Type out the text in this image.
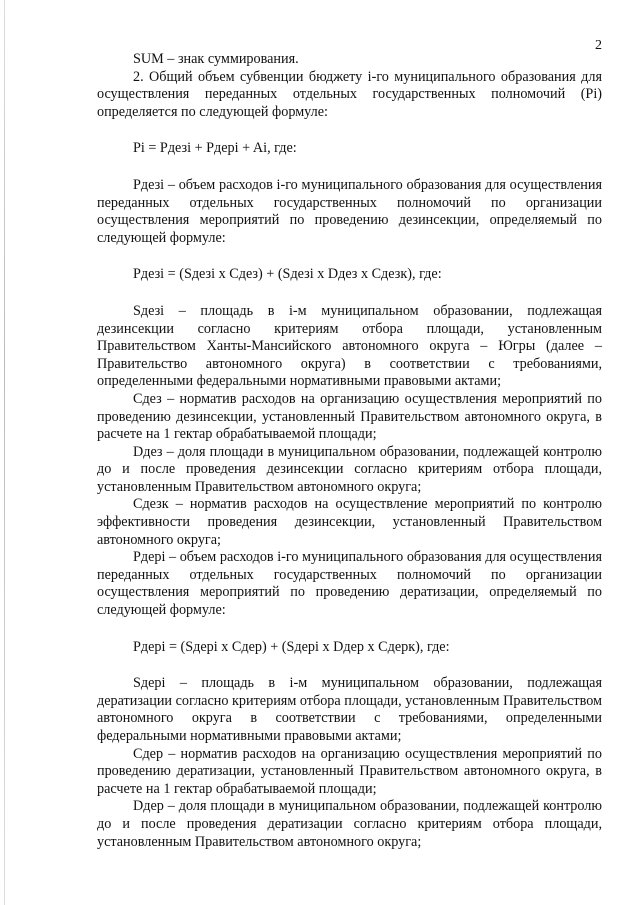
2

SUM – знак суммирования.

2. Общий объем субвенции бюджету i-го муниципального образования для осуществления переданных отдельных государственных полномочий (Pi) определяется по следующей формуле:

Pi = Pдезi + Pдерi + Ai, где:

Pдезi – объем расходов i-го муниципального образования для осуществления переданных отдельных государственных полномочий по организации осуществления мероприятий по проведению дезинсекции, определяемый по следующей формуле:

Pдезi = (Sдезi х Cдез) + (Sдезi х Dдез х Cдезк), где:

Sдезi – площадь в i-м муниципальном образовании, подлежащая дезинсекции согласно критериям отбора площади, установленным Правительством Ханты-Мансийского автономного округа – Югры (далее – Правительство автономного округа) в соответствии с требованиями, определенными федеральными нормативными правовыми актами;

Cдез – норматив расходов на организацию осуществления мероприятий по проведению дезинсекции, установленный Правительством автономного округа, в расчете на 1 гектар обрабатываемой площади;

Dдез – доля площади в муниципальном образовании, подлежащей контролю до и после проведения дезинсекции согласно критериям отбора площади, установленным Правительством автономного округа;

Cдезк – норматив расходов на осуществление мероприятий по контролю эффективности проведения дезинсекции, установленный Правительством автономного округа;

Pдерi – объем расходов i-го муниципального образования для осуществления переданных отдельных государственных полномочий по организации осуществления мероприятий по проведению дератизации, определяемый по следующей формуле:

Pдерi = (Sдерi х Cдер) + (Sдерi х Dдер х Cдерк), где:

Sдерi – площадь в i-м муниципальном образовании, подлежащая дератизации согласно критериям отбора площади, установленным Правительством автономного округа в соответствии с требованиями, определенными федеральными нормативными правовыми актами;

Cдер – норматив расходов на организацию осуществления мероприятий по проведению дератизации, установленный Правительством автономного округа, в расчете на 1 гектар обрабатываемой площади;

Dдер – доля площади в муниципальном образовании, подлежащей контролю до и после проведения дератизации согласно критериям отбора площади, установленным Правительством автономного округа;
